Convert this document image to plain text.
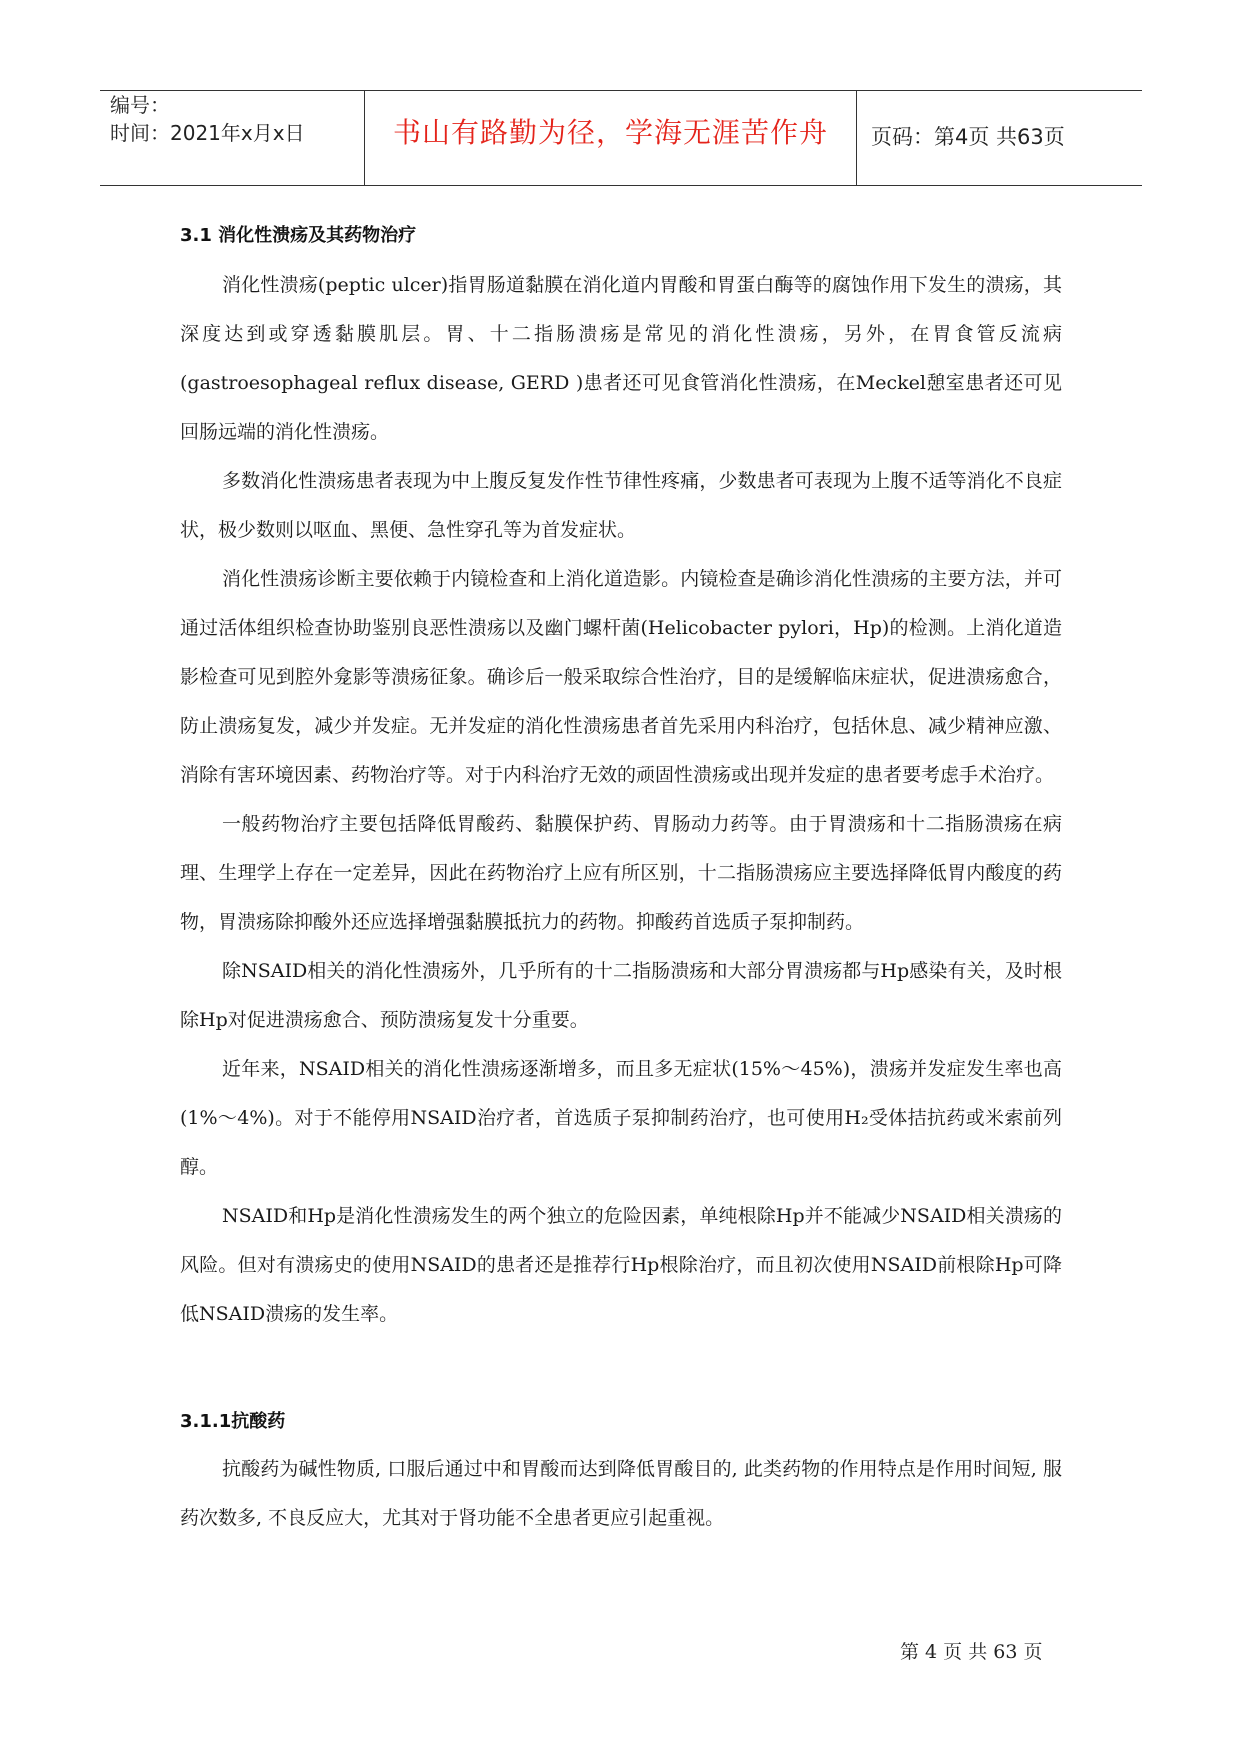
编号：
时间：2021年x月x日	书山有路勤为径，学海无涯苦作舟	页码：第4页 共63页
3.1 消化性溃疡及其药物治疗

消化性溃疡(peptic ulcer)指胃肠道黏膜在消化道内胃酸和胃蛋白酶等的腐蚀作用下发生的溃疡，其深度达到或穿透黏膜肌层。胃、十二指肠溃疡是常见的消化性溃疡，另外，在胃食管反流病(gastroesophageal reflux disease, GERD )患者还可见食管消化性溃疡，在Meckel憩室患者还可见回肠远端的消化性溃疡。

多数消化性溃疡患者表现为中上腹反复发作性节律性疼痛，少数患者可表现为上腹不适等消化不良症状，极少数则以呕血、黑便、急性穿孔等为首发症状。

消化性溃疡诊断主要依赖于内镜检查和上消化道造影。内镜检查是确诊消化性溃疡的主要方法，并可通过活体组织检查协助鉴别良恶性溃疡以及幽门螺杆菌(Helicobacter pylori，Hp)的检测。上消化道造影检查可见到腔外龛影等溃疡征象。确诊后一般采取综合性治疗，目的是缓解临床症状，促进溃疡愈合，防止溃疡复发，减少并发症。无并发症的消化性溃疡患者首先采用内科治疗，包括休息、减少精神应激、消除有害环境因素、药物治疗等。对于内科治疗无效的顽固性溃疡或出现并发症的患者要考虑手术治疗。

一般药物治疗主要包括降低胃酸药、黏膜保护药、胃肠动力药等。由于胃溃疡和十二指肠溃疡在病理、生理学上存在一定差异，因此在药物治疗上应有所区别，十二指肠溃疡应主要选择降低胃内酸度的药物，胃溃疡除抑酸外还应选择增强黏膜抵抗力的药物。抑酸药首选质子泵抑制药。

除NSAID相关的消化性溃疡外，几乎所有的十二指肠溃疡和大部分胃溃疡都与Hp感染有关，及时根除Hp对促进溃疡愈合、预防溃疡复发十分重要。

近年来，NSAID相关的消化性溃疡逐渐增多，而且多无症状(15%～45%)，溃疡并发症发生率也高(1%～4%)。对于不能停用NSAID治疗者，首选质子泵抑制药治疗，也可使用H₂受体拮抗药或米索前列醇。

NSAID和Hp是消化性溃疡发生的两个独立的危险因素，单纯根除Hp并不能减少NSAID相关溃疡的风险。但对有溃疡史的使用NSAID的患者还是推荐行Hp根除治疗，而且初次使用NSAID前根除Hp可降低NSAID溃疡的发生率。

3.1.1抗酸药

抗酸药为碱性物质, 口服后通过中和胃酸而达到降低胃酸目的, 此类药物的作用特点是作用时间短, 服药次数多, 不良反应大，尤其对于肾功能不全患者更应引起重视。

第 4 页 共 63 页
